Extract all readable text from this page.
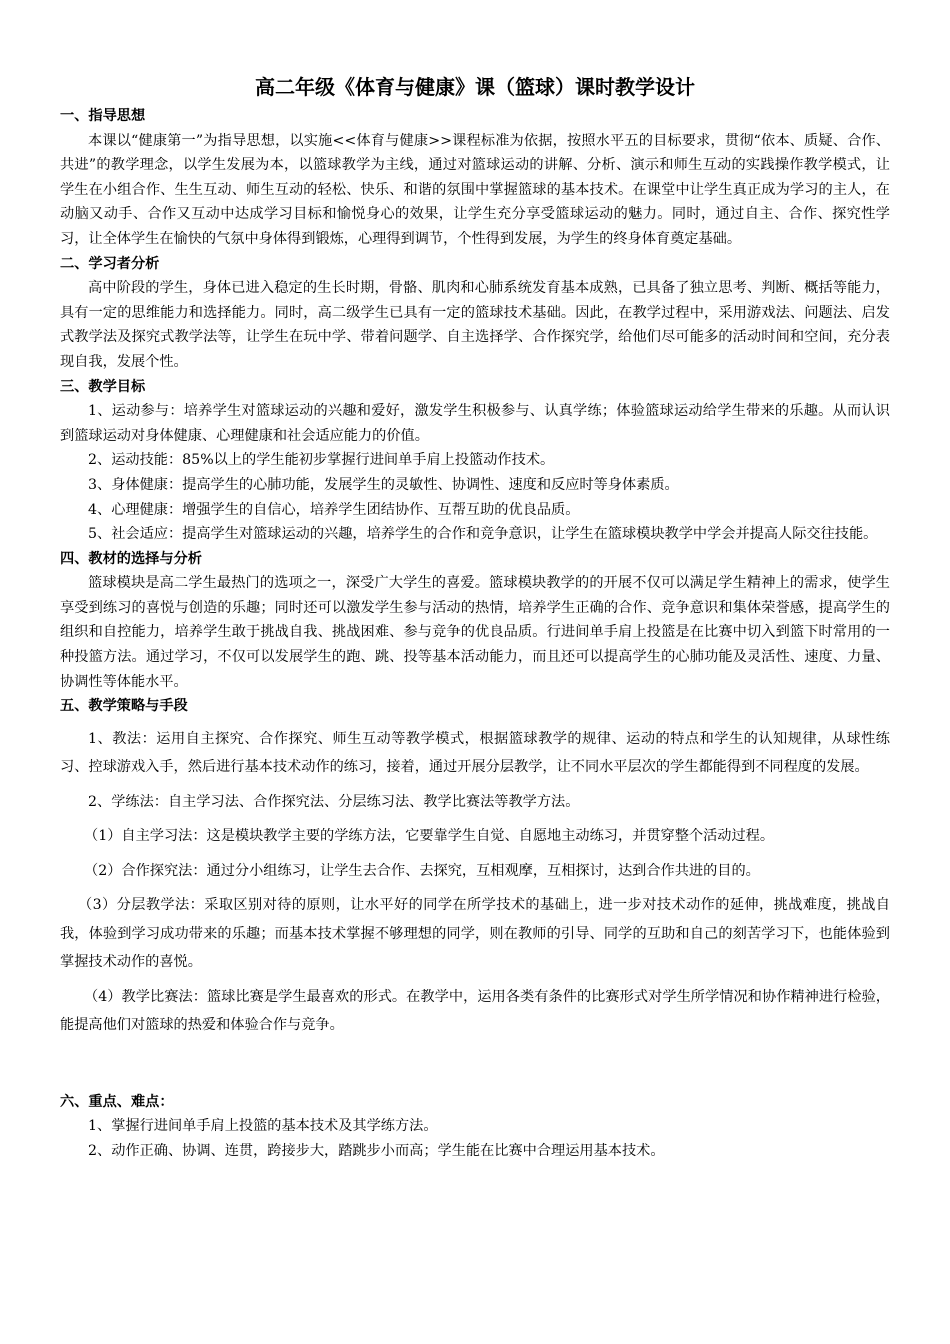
高二年级《体育与健康》课（篮球）课时教学设计
一、指导思想

本课以“健康第一”为指导思想，以实施<<体育与健康>>课程标准为依据，按照水平五的目标要求，贯彻“依本、质疑、合作、共进”的教学理念，以学生发展为本，以篮球教学为主线，通过对篮球运动的讲解、分析、演示和师生互动的实践操作教学模式，让学生在小组合作、生生互动、师生互动的轻松、快乐、和谐的氛围中掌握篮球的基本技术。在课堂中让学生真正成为学习的主人，在动脑又动手、合作又互动中达成学习目标和愉悦身心的效果，让学生充分享受篮球运动的魅力。同时，通过自主、合作、探究性学习，让全体学生在愉快的气氛中身体得到锻炼，心理得到调节，个性得到发展，为学生的终身体育奠定基础。

二、学习者分析

高中阶段的学生，身体已进入稳定的生长时期，骨骼、肌肉和心肺系统发育基本成熟，已具备了独立思考、判断、概括等能力，具有一定的思维能力和选择能力。同时，高二级学生已具有一定的篮球技术基础。因此，在教学过程中，采用游戏法、问题法、启发式教学法及探究式教学法等，让学生在玩中学、带着问题学、自主选择学、合作探究学，给他们尽可能多的活动时间和空间，充分表现自我，发展个性。

三、教学目标

1、运动参与：培养学生对篮球运动的兴趣和爱好，激发学生积极参与、认真学练；体验篮球运动给学生带来的乐趣。从而认识到篮球运动对身体健康、心理健康和社会适应能力的价值。

2、运动技能：85%以上的学生能初步掌握行进间单手肩上投篮动作技术。

3、身体健康：提高学生的心肺功能，发展学生的灵敏性、协调性、速度和反应时等身体素质。

4、心理健康：增强学生的自信心，培养学生团结协作、互帮互助的优良品质。

5、社会适应：提高学生对篮球运动的兴趣，培养学生的合作和竞争意识，让学生在篮球模块教学中学会并提高人际交往技能。

四、教材的选择与分析

篮球模块是高二学生最热门的选项之一，深受广大学生的喜爱。篮球模块教学的的开展不仅可以满足学生精神上的需求，使学生享受到练习的喜悦与创造的乐趣；同时还可以激发学生参与活动的热情，培养学生正确的合作、竞争意识和集体荣誉感，提高学生的组织和自控能力，培养学生敢于挑战自我、挑战困难、参与竞争的优良品质。行进间单手肩上投篮是在比赛中切入到篮下时常用的一种投篮方法。通过学习，不仅可以发展学生的跑、跳、投等基本活动能力，而且还可以提高学生的心肺功能及灵活性、速度、力量、协调性等体能水平。

五、教学策略与手段

1、教法：运用自主探究、合作探究、师生互动等教学模式，根据篮球教学的规律、运动的特点和学生的认知规律，从球性练习、控球游戏入手，然后进行基本技术动作的练习，接着，通过开展分层教学，让不同水平层次的学生都能得到不同程度的发展。

2、学练法：自主学习法、合作探究法、分层练习法、教学比赛法等教学方法。

（1）自主学习法：这是模块教学主要的学练方法，它要靠学生自觉、自愿地主动练习，并贯穿整个活动过程。

（2）合作探究法：通过分小组练习，让学生去合作、去探究，互相观摩，互相探讨，达到合作共进的目的。

（3）分层教学法：采取区别对待的原则，让水平好的同学在所学技术的基础上，进一步对技术动作的延伸，挑战难度，挑战自我，体验到学习成功带来的乐趣；而基本技术掌握不够理想的同学，则在教师的引导、同学的互助和自己的刻苦学习下，也能体验到掌握技术动作的喜悦。

（4）教学比赛法：篮球比赛是学生最喜欢的形式。在教学中，运用各类有条件的比赛形式对学生所学情况和协作精神进行检验，能提高他们对篮球的热爱和体验合作与竞争。

六、重点、难点：

1、掌握行进间单手肩上投篮的基本技术及其学练方法。

2、动作正确、协调、连贯，跨接步大，踏跳步小而高；学生能在比赛中合理运用基本技术。
